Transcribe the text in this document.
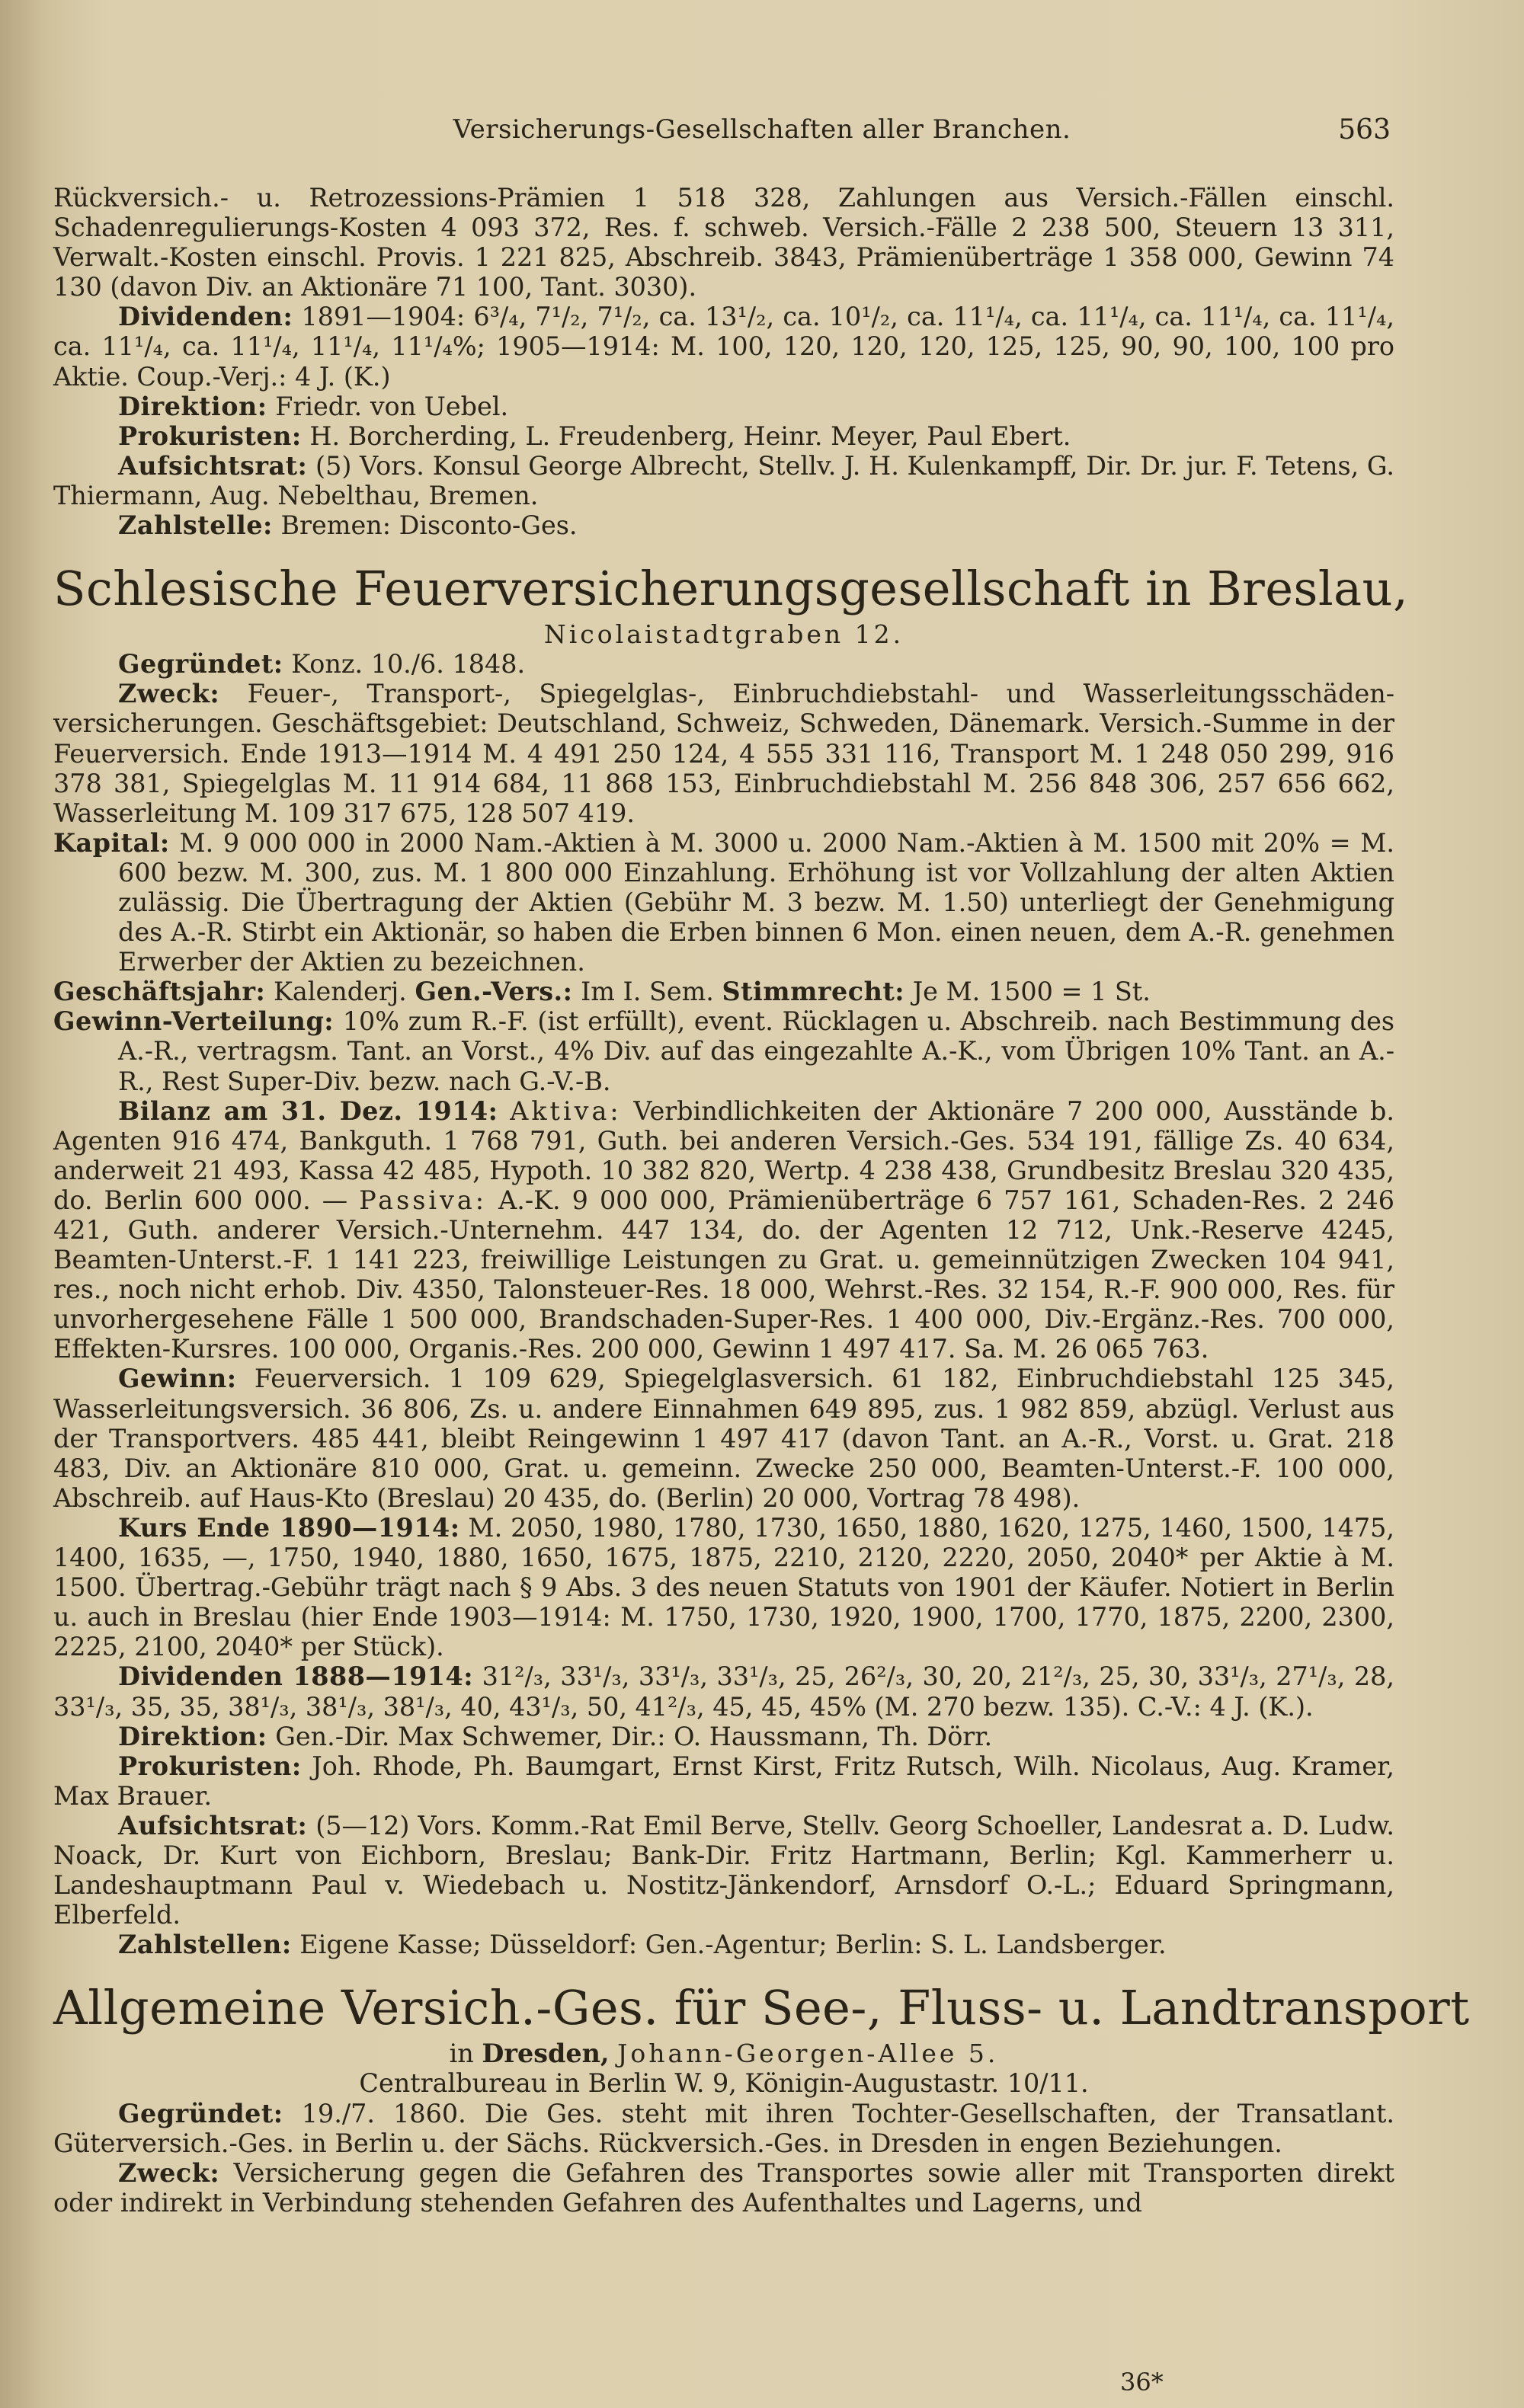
Versicherungs-Gesellschaften aller Branchen.	563

Rückversich.- u. Retrozessions-Prämien 1 518 328, Zahlungen aus Versich.-Fällen einschl. Schadenregulierungs-Kosten 4 093 372, Res. f. schweb. Versich.-Fälle 2 238 500, Steuern 13 311, Verwalt.-Kosten einschl. Provis. 1 221 825, Abschreib. 3843, Prämienüberträge 1 358 000, Gewinn 74 130 (davon Div. an Aktionäre 71 100, Tant. 3030).

Dividenden: 1891—1904: 6³/₄, 7¹/₂, 7¹/₂, ca. 13¹/₂, ca. 10¹/₂, ca. 11¹/₄, ca. 11¹/₄, ca. 11¹/₄, ca. 11¹/₄, ca. 11¹/₄, ca. 11¹/₄, 11¹/₄, 11¹/₄%; 1905—1914: M. 100, 120, 120, 120, 125, 125, 90, 90, 100, 100 pro Aktie. Coup.-Verj.: 4 J. (K.)

Direktion: Friedr. von Uebel.

Prokuristen: H. Borcherding, L. Freudenberg, Heinr. Meyer, Paul Ebert.

Aufsichtsrat: (5) Vors. Konsul George Albrecht, Stellv. J. H. Kulenkampff, Dir. Dr. jur. F. Tetens, G. Thiermann, Aug. Nebelthau, Bremen.

Zahlstelle: Bremen: Disconto-Ges.

Schlesische Feuerversicherungsgesellschaft in Breslau,

Nicolaistadtgraben 12.

Gegründet: Konz. 10./6. 1848.

Zweck: Feuer-, Transport-, Spiegelglas-, Einbruchdiebstahl- und Wasserleitungsschäden-versicherungen. Geschäftsgebiet: Deutschland, Schweiz, Schweden, Dänemark. Versich.-Summe in der Feuerversich. Ende 1913—1914 M. 4 491 250 124, 4 555 331 116, Transport M. 1 248 050 299, 916 378 381, Spiegelglas M. 11 914 684, 11 868 153, Einbruchdiebstahl M. 256 848 306, 257 656 662, Wasserleitung M. 109 317 675, 128 507 419.

Kapital: M. 9 000 000 in 2000 Nam.-Aktien à M. 3000 u. 2000 Nam.-Aktien à M. 1500 mit 20% = M. 600 bezw. M. 300, zus. M. 1 800 000 Einzahlung. Erhöhung ist vor Vollzahlung der alten Aktien zulässig. Die Übertragung der Aktien (Gebühr M. 3 bezw. M. 1.50) unterliegt der Genehmigung des A.-R. Stirbt ein Aktionär, so haben die Erben binnen 6 Mon. einen neuen, dem A.-R. genehmen Erwerber der Aktien zu bezeichnen.

Geschäftsjahr: Kalenderj. Gen.-Vers.: Im I. Sem. Stimmrecht: Je M. 1500 = 1 St.

Gewinn-Verteilung: 10% zum R.-F. (ist erfüllt), event. Rücklagen u. Abschreib. nach Bestimmung des A.-R., vertragsm. Tant. an Vorst., 4% Div. auf das eingezahlte A.-K., vom Übrigen 10% Tant. an A.-R., Rest Super-Div. bezw. nach G.-V.-B.

Bilanz am 31. Dez. 1914: Aktiva: Verbindlichkeiten der Aktionäre 7 200 000, Ausstände b. Agenten 916 474, Bankguth. 1 768 791, Guth. bei anderen Versich.-Ges. 534 191, fällige Zs. 40 634, anderweit 21 493, Kassa 42 485, Hypoth. 10 382 820, Wertp. 4 238 438, Grundbesitz Breslau 320 435, do. Berlin 600 000. — Passiva: A.-K. 9 000 000, Prämienüberträge 6 757 161, Schaden-Res. 2 246 421, Guth. anderer Versich.-Unternehm. 447 134, do. der Agenten 12 712, Unk.-Reserve 4245, Beamten-Unterst.-F. 1 141 223, freiwillige Leistungen zu Grat. u. gemeinnützigen Zwecken 104 941, res., noch nicht erhob. Div. 4350, Talonsteuer-Res. 18 000, Wehrst.-Res. 32 154, R.-F. 900 000, Res. für unvorhergesehene Fälle 1 500 000, Brandschaden-Super-Res. 1 400 000, Div.-Ergänz.-Res. 700 000, Effekten-Kursres. 100 000, Organis.-Res. 200 000, Gewinn 1 497 417. Sa. M. 26 065 763.

Gewinn: Feuerversich. 1 109 629, Spiegelglasversich. 61 182, Einbruchdiebstahl 125 345, Wasserleitungsversich. 36 806, Zs. u. andere Einnahmen 649 895, zus. 1 982 859, abzügl. Verlust aus der Transportvers. 485 441, bleibt Reingewinn 1 497 417 (davon Tant. an A.-R., Vorst. u. Grat. 218 483, Div. an Aktionäre 810 000, Grat. u. gemeinn. Zwecke 250 000, Beamten-Unterst.-F. 100 000, Abschreib. auf Haus-Kto (Breslau) 20 435, do. (Berlin) 20 000, Vortrag 78 498).

Kurs Ende 1890—1914: M. 2050, 1980, 1780, 1730, 1650, 1880, 1620, 1275, 1460, 1500, 1475, 1400, 1635, —, 1750, 1940, 1880, 1650, 1675, 1875, 2210, 2120, 2220, 2050, 2040* per Aktie à M. 1500. Übertrag.-Gebühr trägt nach § 9 Abs. 3 des neuen Statuts von 1901 der Käufer. Notiert in Berlin u. auch in Breslau (hier Ende 1903—1914: M. 1750, 1730, 1920, 1900, 1700, 1770, 1875, 2200, 2300, 2225, 2100, 2040* per Stück).

Dividenden 1888—1914: 31²/₃, 33¹/₃, 33¹/₃, 33¹/₃, 25, 26²/₃, 30, 20, 21²/₃, 25, 30, 33¹/₃, 27¹/₃, 28, 33¹/₃, 35, 35, 38¹/₃, 38¹/₃, 38¹/₃, 40, 43¹/₃, 50, 41²/₃, 45, 45, 45% (M. 270 bezw. 135). C.-V.: 4 J. (K.).

Direktion: Gen.-Dir. Max Schwemer, Dir.: O. Haussmann, Th. Dörr.

Prokuristen: Joh. Rhode, Ph. Baumgart, Ernst Kirst, Fritz Rutsch, Wilh. Nicolaus, Aug. Kramer, Max Brauer.

Aufsichtsrat: (5—12) Vors. Komm.-Rat Emil Berve, Stellv. Georg Schoeller, Landesrat a. D. Ludw. Noack, Dr. Kurt von Eichborn, Breslau; Bank-Dir. Fritz Hartmann, Berlin; Kgl. Kammerherr u. Landeshauptmann Paul v. Wiedebach u. Nostitz-Jänkendorf, Arnsdorf O.-L.; Eduard Springmann, Elberfeld.

Zahlstellen: Eigene Kasse; Düsseldorf: Gen.-Agentur; Berlin: S. L. Landsberger.

Allgemeine Versich.-Ges. für See-, Fluss- u. Landtransport

in Dresden, Johann-Georgen-Allee 5.

Centralbureau in Berlin W. 9, Königin-Augustastr. 10/11.

Gegründet: 19./7. 1860. Die Ges. steht mit ihren Tochter-Gesellschaften, der Transatlant. Güterversich.-Ges. in Berlin u. der Sächs. Rückversich.-Ges. in Dresden in engen Beziehungen.

Zweck: Versicherung gegen die Gefahren des Transportes sowie aller mit Transporten direkt oder indirekt in Verbindung stehenden Gefahren des Aufenthaltes und Lagerns, und

36*
